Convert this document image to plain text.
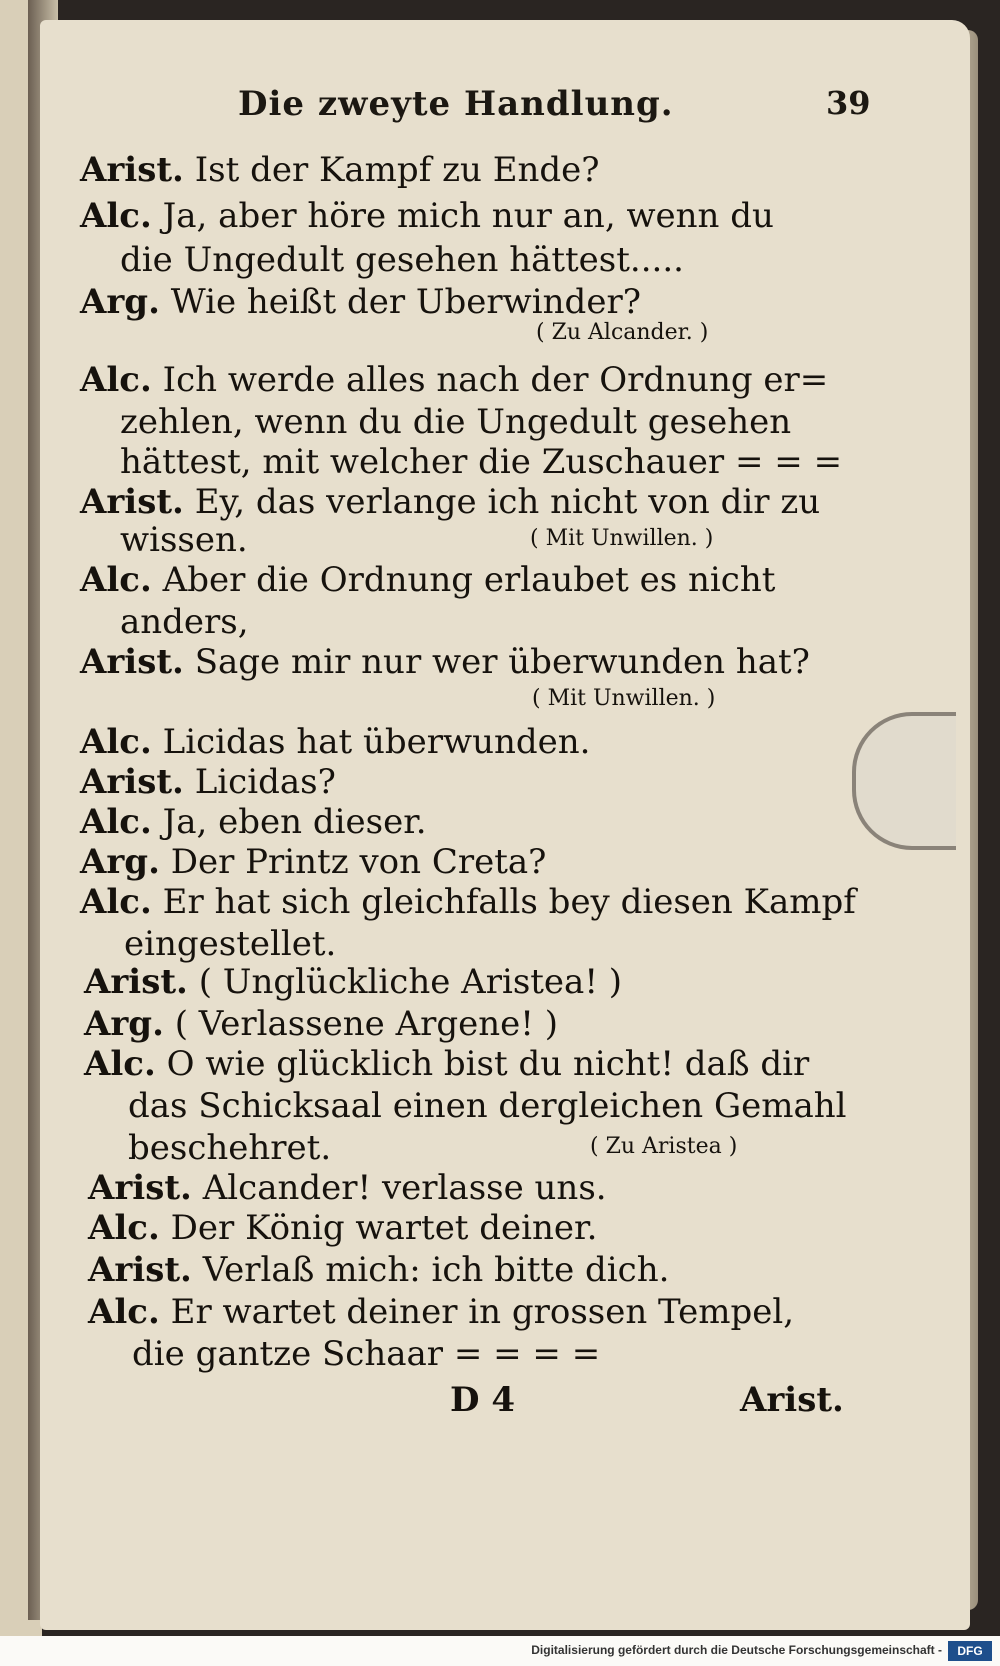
Die zweyte Handlung.	39
Arist. Ist der Kampf zu Ende?
Alc. Ja, aber höre mich nur an, wenn du
die Ungedult gesehen hättest.....
Arg. Wie heißt der Uberwinder?
( Zu Alcander. )
Alc. Ich werde alles nach der Ordnung er=
zehlen, wenn du die Ungedult gesehen
hättest, mit welcher die Zuschauer = = =
Arist. Ey, das verlange ich nicht von dir zu
wissen.	( Mit Unwillen. )
Alc. Aber die Ordnung erlaubet es nicht
anders,
Arist. Sage mir nur wer überwunden hat?
( Mit Unwillen. )
Alc. Licidas hat überwunden.
Arist. Licidas?
Alc. Ja, eben dieser.
Arg. Der Printz von Creta?
Alc. Er hat sich gleichfalls bey diesen Kampf
eingestellet.
Arist. ( Unglückliche Aristea! )
Arg. ( Verlassene Argene! )
Alc. O wie glücklich bist du nicht! daß dir
das Schicksaal einen dergleichen Gemahl
beschehret.	( Zu Aristea )
Arist. Alcander! verlasse uns.
Alc. Der König wartet deiner.
Arist. Verlaß mich: ich bitte dich.
Alc. Er wartet deiner in grossen Tempel,
die gantze Schaar = = = =
D 4	Arist.
Digitalisierung gefördert durch die Deutsche Forschungsgemeinschaft -	DFG
